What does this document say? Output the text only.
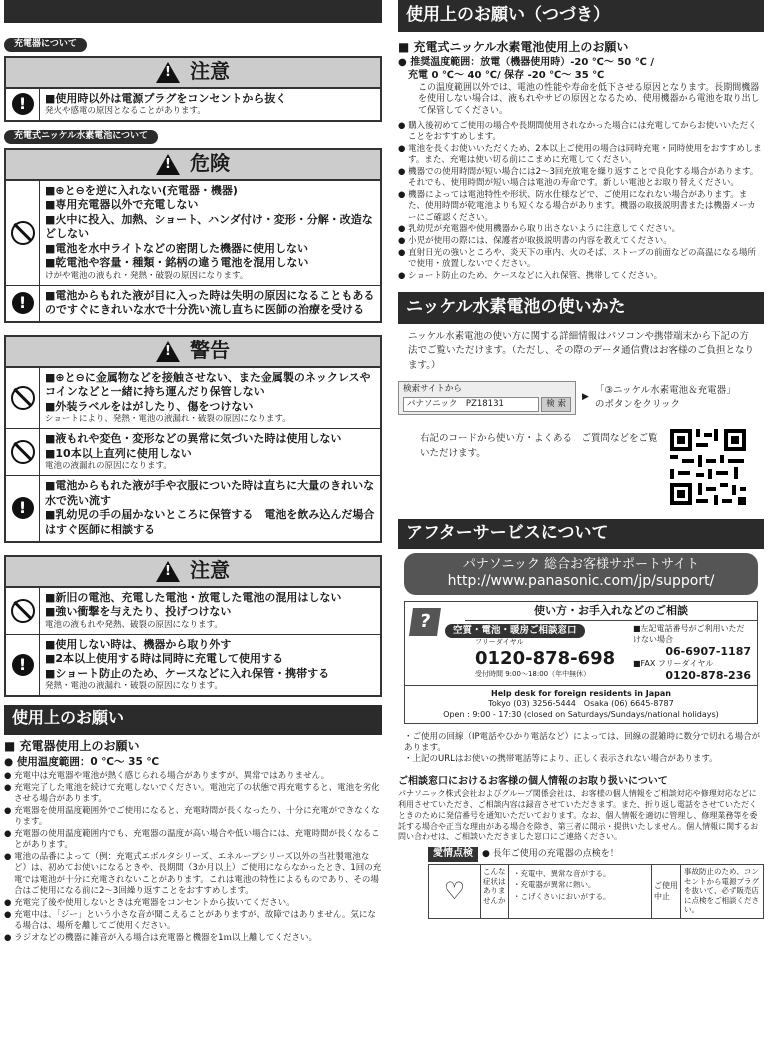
充電器について
!
注意
!	■使用時以外は電源プラグをコンセントから抜く
発火や感電の原因となることがあります。
充電式ニッケル水素電池について
!
危険
■⊕と⊖を逆に入れない(充電器・機器)
■専用充電器以外で充電しない
■火中に投入、加熱、ショート、ハンダ付け・変形・分解・改造などしない
■電池を水中ライトなどの密閉した機器に使用しない
■乾電池や容量・種類・銘柄の違う電池を混用しない
けがや電池の液もれ・発熱・破裂の原因になります。
!	■電池からもれた液が目に入った時は失明の原因になることもあるのですぐにきれいな水で十分洗い流し直ちに医師の治療を受ける
!
警告
■⊕と⊖に金属物などを接触させない、また金属製のネックレスやコインなどと一緒に持ち運んだり保管しない
■外装ラベルをはがしたり、傷をつけない
ショートにより、発熱・電池の液漏れ・破裂の原因になります。
■液もれや変色・変形などの異常に気づいた時は使用しない
■10本以上直列に使用しない
電池の液漏れの原因になります。
!
■電池からもれた液が手や衣服についた時は直ちに大量のきれいな水で洗い流す
■乳幼児の手の届かないところに保管する　電池を飲み込んだ場合はすぐ医師に相談する
!
注意
■新旧の電池、充電した電池・放電した電池の混用はしない
■強い衝撃を与えたり、投げつけない
電池の液もれや発熱、破裂の原因になります。
!
■使用しない時は、機器から取り外す
■2本以上使用する時は同時に充電して使用する
■ショート防止のため、ケースなどに入れ保管・携帯する
発熱・電池の液漏れ・破裂の原因になります。
使用上のお願い
■ 充電器使用上のお願い
● 使用温度範囲：0 ℃～ 35 ℃
● 充電中は充電器や電池が熱く感じられる場合がありますが、異常ではありません。
● 充電完了した電池を続けて充電しないでください。電池完了の状態で再充電すると、電池を劣化させる場合があります。
● 充電器を使用温度範囲外でご使用になると、充電時間が長くなったり、十分に充電ができなくなります。
● 充電器の使用温度範囲内でも、充電器の温度が高い場合や低い場合には、充電時間が長くなることがあります。
● 電池の品番によって（例：充電式エボルタシリーズ、エネループシリーズ以外の当社製電池など）は、初めてお使いになるときや、長期間（3か月以上）ご使用にならなかったとき、1回の充電では電池が十分に充電されないことがあります。これは電池の特性によるものであり、その場合はご使用になる前に2～3回繰り返すことをおすすめします。
● 充電完了後や使用しないときは充電器をコンセントから抜いてください。
● 充電中は、「ジー」という小さな音が聞こえることがありますが、故障ではありません。気になる場合は、場所を離してご使用ください。
● ラジオなどの機器に雑音が入る場合は充電器と機器を1ｍ以上離してください。
使用上のお願い（つづき）
■ 充電式ニッケル水素電池使用上のお願い
● 推奨温度範囲：放電（機器使用時）-20 ℃～ 50 ℃ /
　充電 0 ℃～ 40 ℃/ 保存 -20 ℃～ 35 ℃
この温度範囲以外では、電池の性能や寿命を低下させる原因となります。長期間機器を使用しない場合は、液もれやサビの原因となるため、使用機器から電池を取り出して保管してください。
● 購入後初めてご使用の場合や長期間使用されなかった場合には充電してからお使いいただくことをおすすめします。
● 電池を長くお使いいただくため、2本以上ご使用の場合は同時充電・同時使用をおすすめします。また、充電は使い切る前にこまめに充電してください。
● 機器での使用時間が短い場合には2～3回充放電を繰り返すことで良化する場合があります。それでも、使用時間が短い場合は電池の寿命です。新しい電池とお取り替えください。
● 機器によっては電池特性や形状、防水仕様などで、ご使用になれない場合があります。また、使用時間が乾電池よりも短くなる場合があります。機器の取扱説明書または機器メーカーにご確認ください。
● 乳幼児が充電器や使用機器から取り出さないように注意してください。
● 小児が使用の際には、保護者が取扱説明書の内容を教えてください。
● 直射日光の強いところや、炎天下の車内、火のそば、ストーブの前面などの高温になる場所で使用・放置しないでください。
● ショート防止のため、ケースなどに入れ保管、携帯してください。
ニッケル水素電池の使いかた
ニッケル水素電池の使い方に関する詳細情報はパソコンや携帯端末から下記の方法でご覧いただけます。（ただし、その際のデータ通信費はお客様のご負担となります。）
検索サイトから
パナソニック　PZ18131	検 索
▶
「③ニッケル水素電池＆充電器」のボタンをクリック
右記のコードから使い方・よくある　ご質問などをご覧いただけます。
アフターサービスについて
パナソニック 総合お客様サポートサイト
http://www.panasonic.com/jp/support/
?
使い方・お手入れなどのご相談
空質・電池・暖房ご相談窓口
フリーダイヤル
0120-878-698
受付時間 9:00～18:00（年中無休）
■左記電話番号がご利用いただけない場合
06-6907-1187
■FAX フリーダイヤル
0120-878-236
Help desk for foreign residents in Japan
Tokyo (03) 3256-5444　Osaka (06) 6645-8787
Open : 9:00 - 17:30 (closed on Saturdays/Sundays/national holidays)
・ご使用の回線（IP電話やひかり電話など）によっては、回線の混雑時に数分で切れる場合があります。
・上記のURLはお使いの携帯電話等により、正しく表示されない場合があります。
ご相談窓口におけるお客様の個人情報のお取り扱いについて
パナソニック株式会社およびグループ関係会社は、お客様の個人情報をご相談対応や修理対応などに利用させていただき、ご相談内容は録音させていただきます。また、折り返し電話をさせていただくときのために発信番号を通知いただいております。なお、個人情報を適切に管理し、修理業務等を委託する場合や正当な理由がある場合を除き、第三者に開示・提供いたしません。個人情報に関するお問い合わせは、ご相談いただきました窓口にご連絡ください。
愛情点検	● 長年ご使用の充電器の点検を！
♡
こんな症状はありませんか
・充電中、異常な音がする。
・充電器が異常に熱い。
・こげくさいにおいがする。
ご使用中止
事故防止のため、コンセントから電源プラグを抜いて、必ず販売店に点検をご相談ください。
